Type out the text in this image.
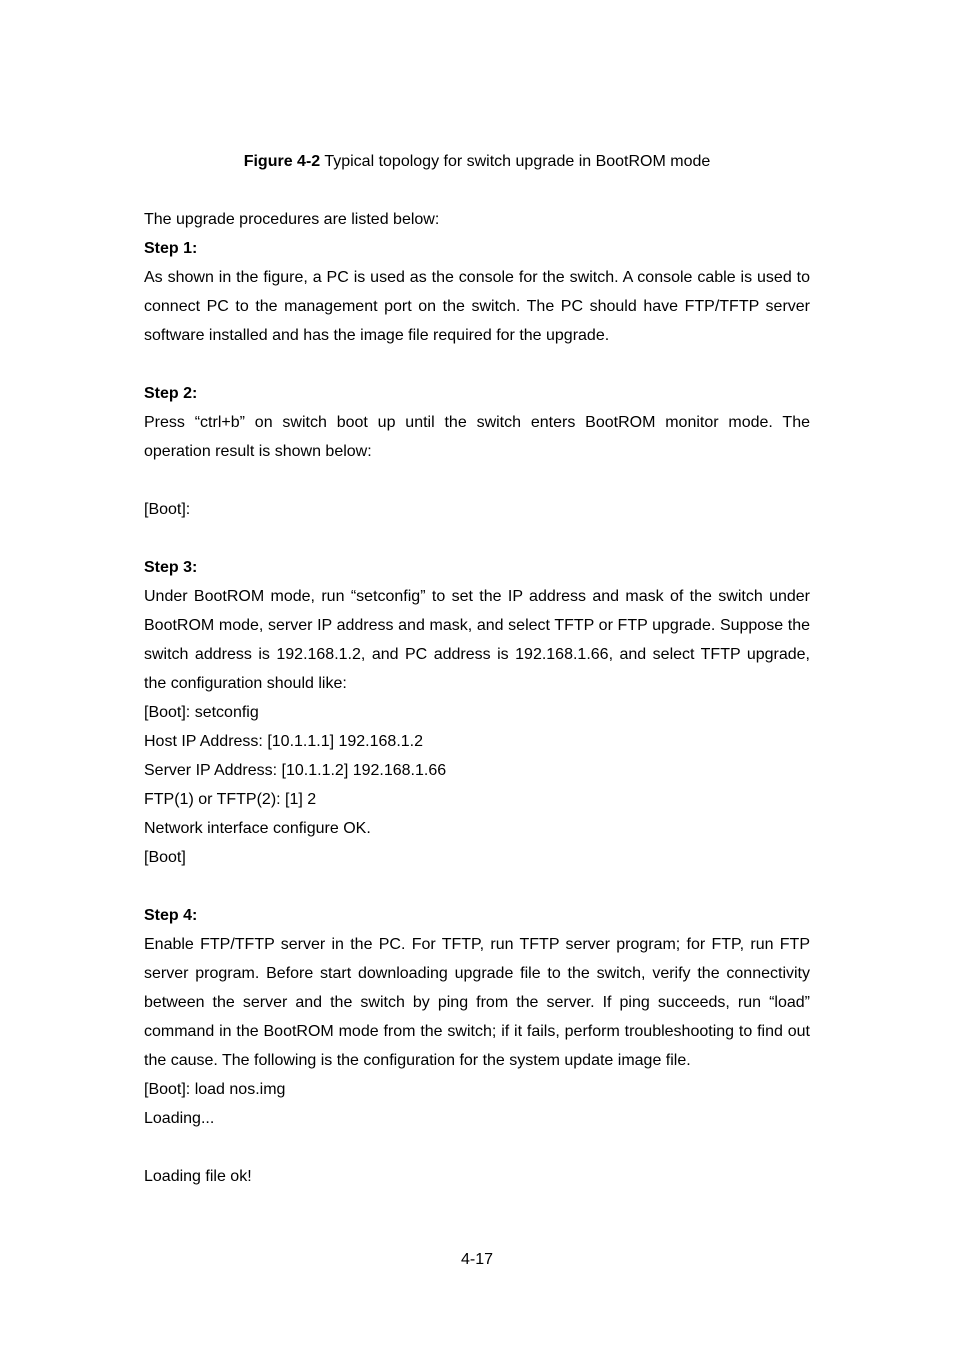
Figure 4-2 Typical topology for switch upgrade in BootROM mode
The upgrade procedures are listed below:
Step 1:
As shown in the figure, a PC is used as the console for the switch. A console cable is used to connect PC to the management port on the switch. The PC should have FTP/TFTP server software installed and has the image file required for the upgrade.
Step 2:
Press “ctrl+b” on switch boot up until the switch enters BootROM monitor mode. The operation result is shown below:
[Boot]:
Step 3:
Under BootROM mode, run “setconfig” to set the IP address and mask of the switch under BootROM mode, server IP address and mask, and select TFTP or FTP upgrade. Suppose the switch address is 192.168.1.2, and PC address is 192.168.1.66, and select TFTP upgrade, the configuration should like:
[Boot]: setconfig
Host IP Address: [10.1.1.1] 192.168.1.2
Server IP Address: [10.1.1.2] 192.168.1.66
FTP(1) or TFTP(2): [1] 2
Network interface configure OK.
[Boot]
Step 4:
Enable FTP/TFTP server in the PC. For TFTP, run TFTP server program; for FTP, run FTP server program. Before start downloading upgrade file to the switch, verify the connectivity between the server and the switch by ping from the server. If ping succeeds, run “load” command in the BootROM mode from the switch; if it fails, perform troubleshooting to find out the cause. The following is the configuration for the system update image file.
[Boot]: load nos.img
Loading...
Loading file ok!
4-17
